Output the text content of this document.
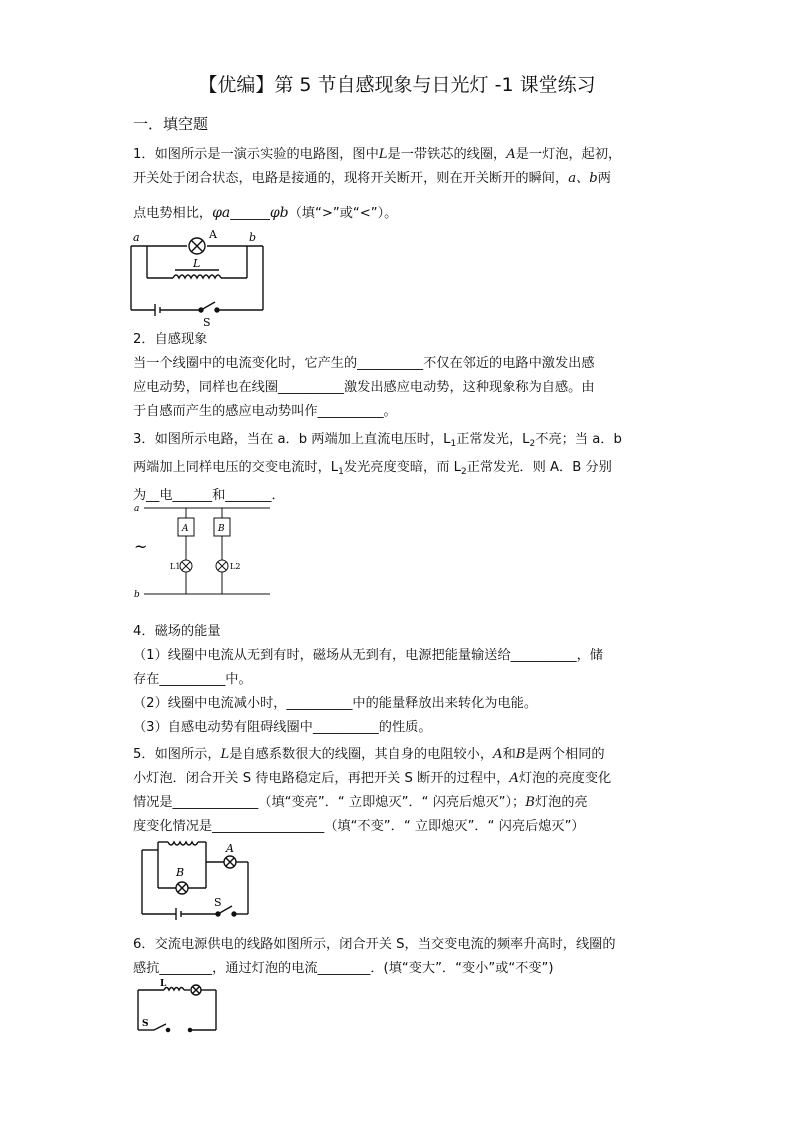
【优编】第 5 节自感现象与日光灯 -1 课堂练习
一．填空题
1．如图所示是一演示实验的电路图，图中L是一带铁芯的线圈，A是一灯泡，起初，
开关处于闭合状态，电路是接通的，现将开关断开，则在开关断开的瞬间，a、b两
点电势相比，φa______φb（填“>”或“<”）。
a	A	b
L
S
2．自感现象
当一个线圈中的电流变化时，它产生的__________不仅在邻近的电路中激发出感
应电动势，同样也在线圈__________激发出感应电动势，这种现象称为自感。由
于自感而产生的感应电动势叫作__________。
3．如图所示电路，当在 a．b 两端加上直流电压时，$L_1$正常发光，$L_2$不亮；当 a．b
两端加上同样电压的交变电流时，$L_1$发光亮度变暗，而 $L_2$正常发光．则 A．B 分别
为__电______和_______．
a
b
~
A	B
L1	L2
4．磁场的能量
（1）线圈中电流从无到有时，磁场从无到有，电源把能量输送给__________，储
存在__________中。
（2）线圈中电流减小时，__________中的能量释放出来转化为电能。
（3）自感电动势有阻碍线圈中__________的性质。
5．如图所示，L是自感系数很大的线圈，其自身的电阻较小，A和B是两个相同的
小灯泡．闭合开关 S 待电路稳定后，再把开关 S 断开的过程中，A灯泡的亮度变化
情况是_____________（填“变亮”．“ 立即熄灭”．“ 闪亮后熄灭”）；B灯泡的亮
度变化情况是_________________（填“不变”．“ 立即熄灭”．“ 闪亮后熄灭”）
B
A
S
6．交流电源供电的线路如图所示，闭合开关 S，当交变电流的频率升高时，线圈的
感抗________，通过灯泡的电流________．(填“变大”．“变小”或“不变”)
L
S
